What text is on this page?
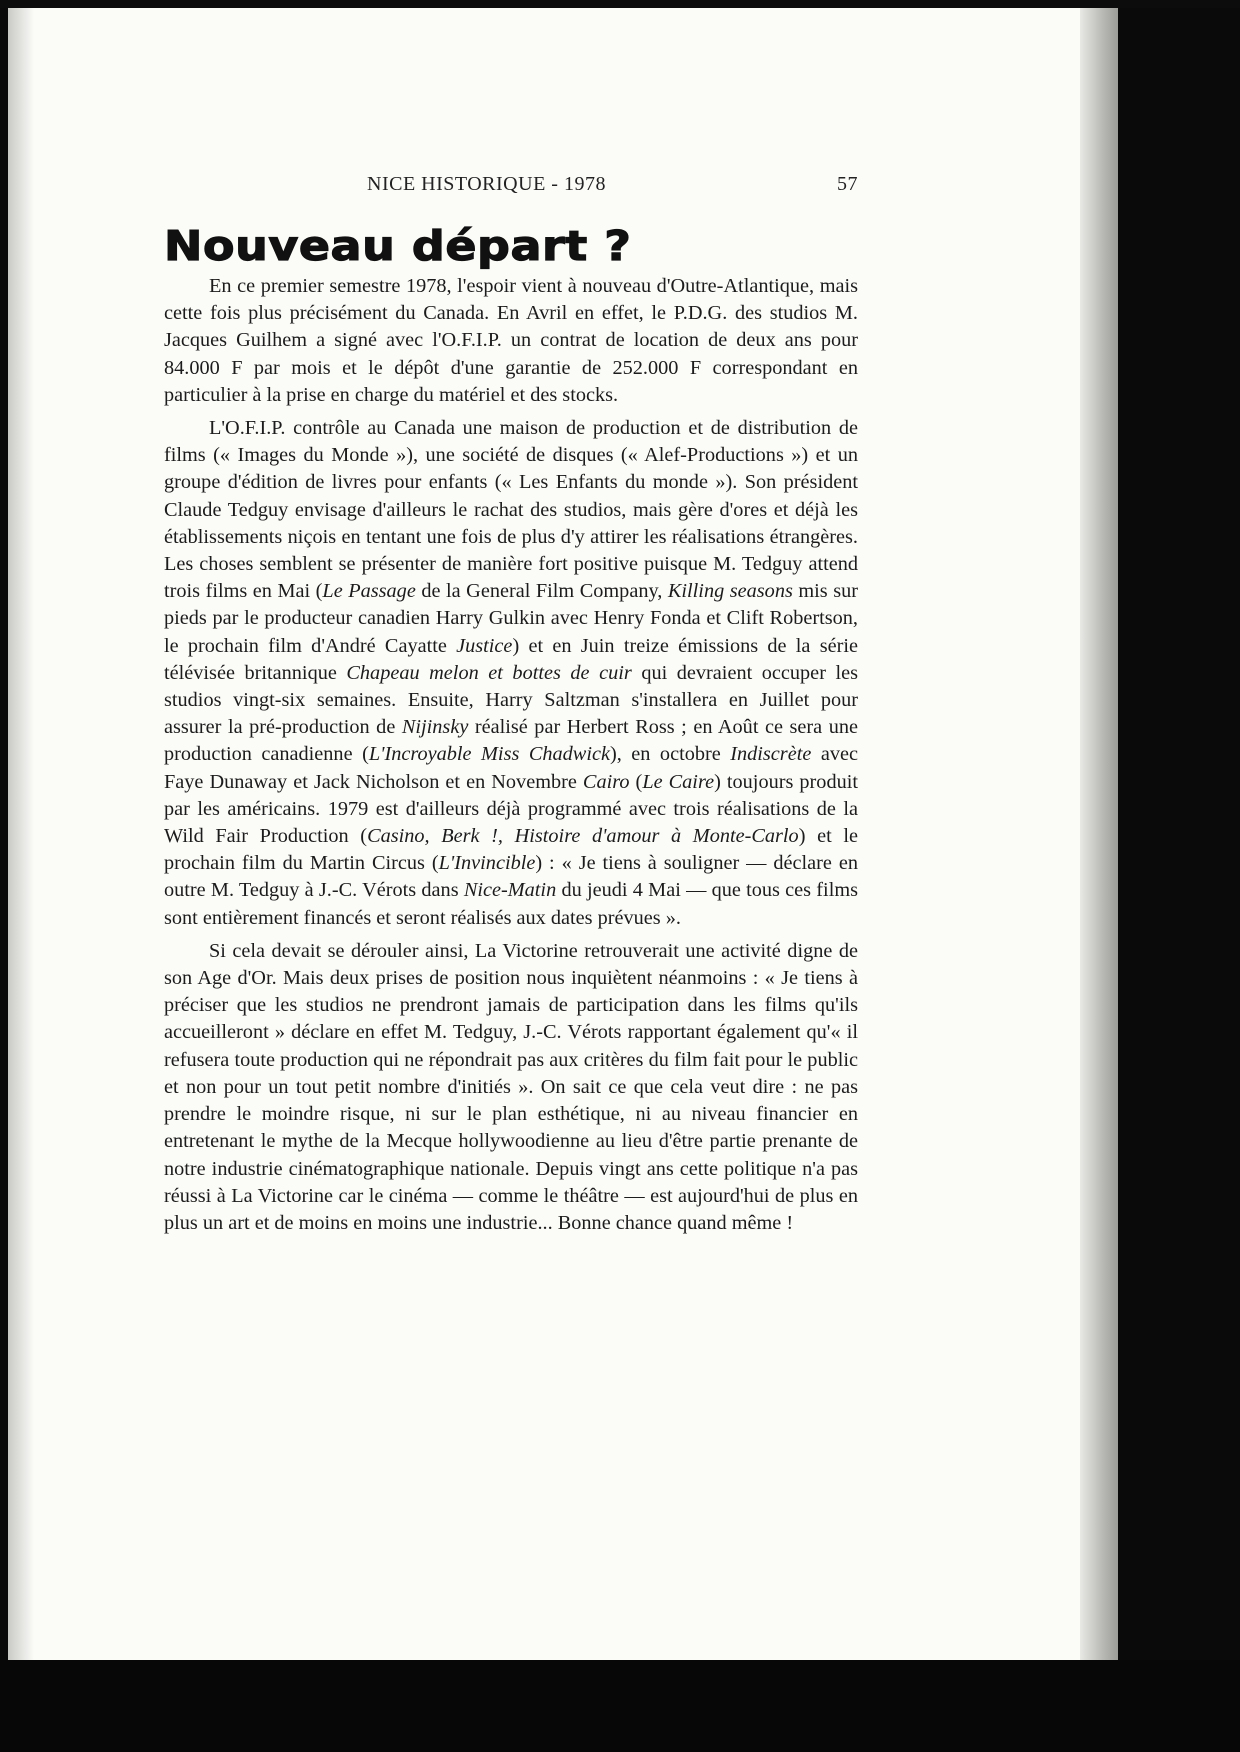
NICE HISTORIQUE - 1978	57
Nouveau départ ?

En ce premier semestre 1978, l'espoir vient à nouveau d'Outre-Atlantique, mais cette fois plus précisément du Canada. En Avril en effet, le P.D.G. des studios M. Jacques Guilhem a signé avec l'O.F.I.P. un contrat de location de deux ans pour 84.000 F par mois et le dépôt d'une garantie de 252.000 F correspondant en particulier à la prise en charge du matériel et des stocks.

L'O.F.I.P. contrôle au Canada une maison de production et de distribution de films (« Images du Monde »), une société de disques (« Alef-Productions ») et un groupe d'édition de livres pour enfants (« Les Enfants du monde »). Son président Claude Tedguy envisage d'ailleurs le rachat des studios, mais gère d'ores et déjà les établissements niçois en tentant une fois de plus d'y attirer les réalisations étrangères. Les choses semblent se présenter de manière fort positive puisque M. Tedguy attend trois films en Mai (Le Passage de la General Film Company, Killing seasons mis sur pieds par le producteur canadien Harry Gulkin avec Henry Fonda et Clift Robertson, le prochain film d'André Cayatte Justice) et en Juin treize émissions de la série télévisée britannique Chapeau melon et bottes de cuir qui devraient occuper les studios vingt-six semaines. Ensuite, Harry Saltzman s'installera en Juillet pour assurer la pré-production de Nijinsky réalisé par Herbert Ross ; en Août ce sera une production canadienne (L'Incroyable Miss Chadwick), en octobre Indiscrète avec Faye Dunaway et Jack Nicholson et en Novembre Cairo (Le Caire) toujours produit par les américains. 1979 est d'ailleurs déjà programmé avec trois réalisations de la Wild Fair Production (Casino, Berk !, Histoire d'amour à Monte-Carlo) et le prochain film du Martin Circus (L'Invincible) : « Je tiens à souligner — déclare en outre M. Tedguy à J.-C. Vérots dans Nice-Matin du jeudi 4 Mai — que tous ces films sont entièrement financés et seront réalisés aux dates prévues ».

Si cela devait se dérouler ainsi, La Victorine retrouverait une activité digne de son Age d'Or. Mais deux prises de position nous inquiètent néanmoins : « Je tiens à préciser que les studios ne prendront jamais de participation dans les films qu'ils accueilleront » déclare en effet M. Tedguy, J.-C. Vérots rapportant également qu'« il refusera toute production qui ne répondrait pas aux critères du film fait pour le public et non pour un tout petit nombre d'initiés ». On sait ce que cela veut dire : ne pas prendre le moindre risque, ni sur le plan esthétique, ni au niveau financier en entretenant le mythe de la Mecque hollywoodienne au lieu d'être partie prenante de notre industrie cinématographique nationale. Depuis vingt ans cette politique n'a pas réussi à La Victorine car le cinéma — comme le théâtre — est aujourd'hui de plus en plus un art et de moins en moins une industrie... Bonne chance quand même !
